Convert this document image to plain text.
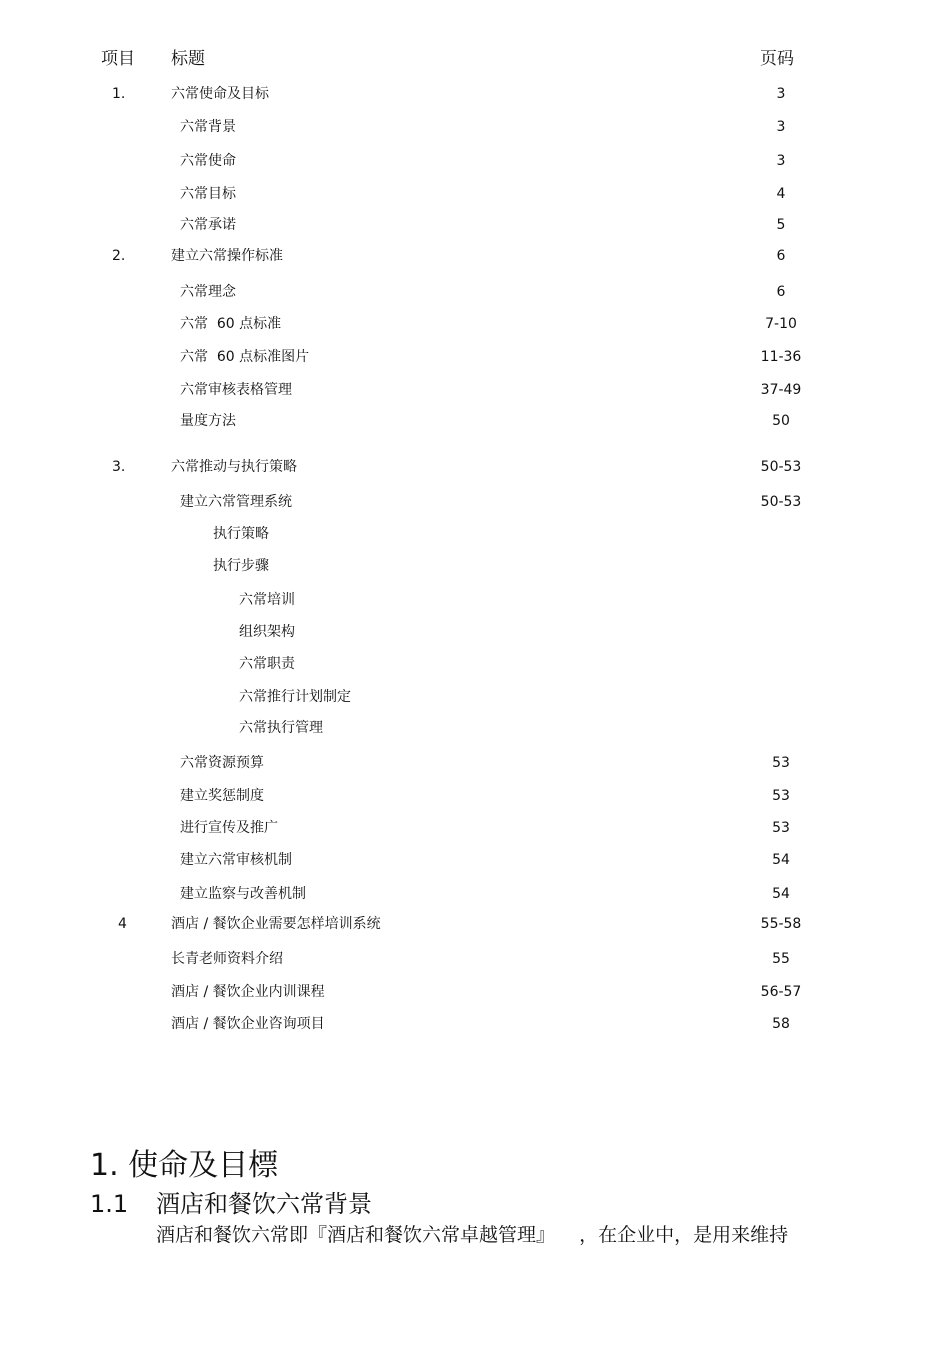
项目 标题	页码
1.	六常使命及目标	3
六常背景	3
六常使命	3
六常目标	4
六常承诺	5
2.	建立六常操作标准	6
六常理念	6
六常  60 点标准	7-10
六常  60 点标准图片	11-36
六常审核表格管理	37-49
量度方法	50
3.	六常推动与执行策略	50-53
建立六常管理系统	50-53
执行策略
执行步骤
六常培训
组织架构
六常职责
六常推行计划制定
六常执行管理
六常资源预算	53
建立奖惩制度	53
进行宣传及推广	53
建立六常审核机制	54
建立监察与改善机制	54
4	酒店 / 餐饮企业需要怎样培训系统	55-58
长青老师资料介绍	55
酒店 / 餐饮企业内训课程	56-57
酒店 / 餐饮企业咨询项目	58
1. 使命及目標
1.1 酒店和餐饮六常背景
酒店和餐饮六常即『酒店和餐饮六常卓越管理』    ，在企业中，是用来维持
